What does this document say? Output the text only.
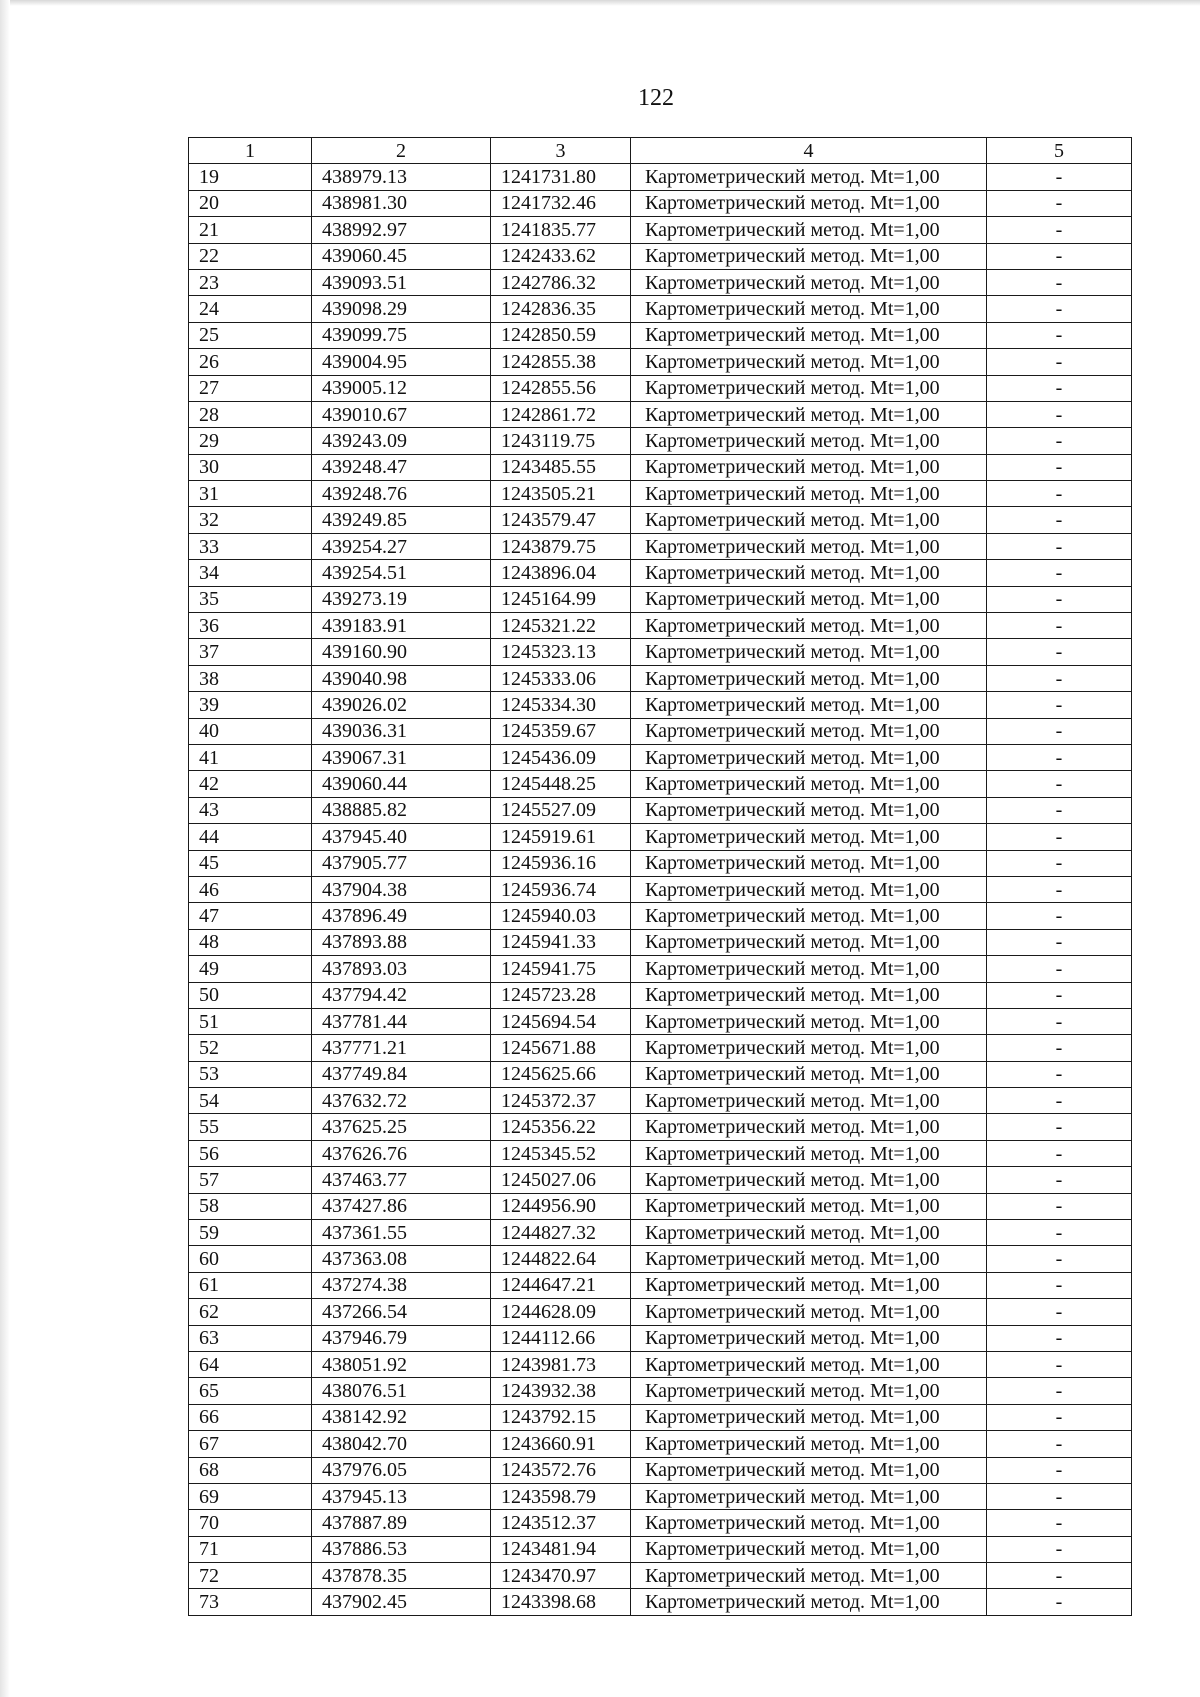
122
1	2	3	4	5
19	438979.13	1241731.80	Картометрический метод. Mt=1,00	-
20	438981.30	1241732.46	Картометрический метод. Mt=1,00	-
21	438992.97	1241835.77	Картометрический метод. Mt=1,00	-
22	439060.45	1242433.62	Картометрический метод. Mt=1,00	-
23	439093.51	1242786.32	Картометрический метод. Mt=1,00	-
24	439098.29	1242836.35	Картометрический метод. Mt=1,00	-
25	439099.75	1242850.59	Картометрический метод. Mt=1,00	-
26	439004.95	1242855.38	Картометрический метод. Mt=1,00	-
27	439005.12	1242855.56	Картометрический метод. Mt=1,00	-
28	439010.67	1242861.72	Картометрический метод. Mt=1,00	-
29	439243.09	1243119.75	Картометрический метод. Mt=1,00	-
30	439248.47	1243485.55	Картометрический метод. Mt=1,00	-
31	439248.76	1243505.21	Картометрический метод. Mt=1,00	-
32	439249.85	1243579.47	Картометрический метод. Mt=1,00	-
33	439254.27	1243879.75	Картометрический метод. Mt=1,00	-
34	439254.51	1243896.04	Картометрический метод. Mt=1,00	-
35	439273.19	1245164.99	Картометрический метод. Mt=1,00	-
36	439183.91	1245321.22	Картометрический метод. Mt=1,00	-
37	439160.90	1245323.13	Картометрический метод. Mt=1,00	-
38	439040.98	1245333.06	Картометрический метод. Mt=1,00	-
39	439026.02	1245334.30	Картометрический метод. Mt=1,00	-
40	439036.31	1245359.67	Картометрический метод. Mt=1,00	-
41	439067.31	1245436.09	Картометрический метод. Mt=1,00	-
42	439060.44	1245448.25	Картометрический метод. Mt=1,00	-
43	438885.82	1245527.09	Картометрический метод. Mt=1,00	-
44	437945.40	1245919.61	Картометрический метод. Mt=1,00	-
45	437905.77	1245936.16	Картометрический метод. Mt=1,00	-
46	437904.38	1245936.74	Картометрический метод. Mt=1,00	-
47	437896.49	1245940.03	Картометрический метод. Mt=1,00	-
48	437893.88	1245941.33	Картометрический метод. Mt=1,00	-
49	437893.03	1245941.75	Картометрический метод. Mt=1,00	-
50	437794.42	1245723.28	Картометрический метод. Mt=1,00	-
51	437781.44	1245694.54	Картометрический метод. Mt=1,00	-
52	437771.21	1245671.88	Картометрический метод. Mt=1,00	-
53	437749.84	1245625.66	Картометрический метод. Mt=1,00	-
54	437632.72	1245372.37	Картометрический метод. Mt=1,00	-
55	437625.25	1245356.22	Картометрический метод. Mt=1,00	-
56	437626.76	1245345.52	Картометрический метод. Mt=1,00	-
57	437463.77	1245027.06	Картометрический метод. Mt=1,00	-
58	437427.86	1244956.90	Картометрический метод. Mt=1,00	-
59	437361.55	1244827.32	Картометрический метод. Mt=1,00	-
60	437363.08	1244822.64	Картометрический метод. Mt=1,00	-
61	437274.38	1244647.21	Картометрический метод. Mt=1,00	-
62	437266.54	1244628.09	Картометрический метод. Mt=1,00	-
63	437946.79	1244112.66	Картометрический метод. Mt=1,00	-
64	438051.92	1243981.73	Картометрический метод. Mt=1,00	-
65	438076.51	1243932.38	Картометрический метод. Mt=1,00	-
66	438142.92	1243792.15	Картометрический метод. Mt=1,00	-
67	438042.70	1243660.91	Картометрический метод. Mt=1,00	-
68	437976.05	1243572.76	Картометрический метод. Mt=1,00	-
69	437945.13	1243598.79	Картометрический метод. Mt=1,00	-
70	437887.89	1243512.37	Картометрический метод. Mt=1,00	-
71	437886.53	1243481.94	Картометрический метод. Mt=1,00	-
72	437878.35	1243470.97	Картометрический метод. Mt=1,00	-
73	437902.45	1243398.68	Картометрический метод. Mt=1,00	-
